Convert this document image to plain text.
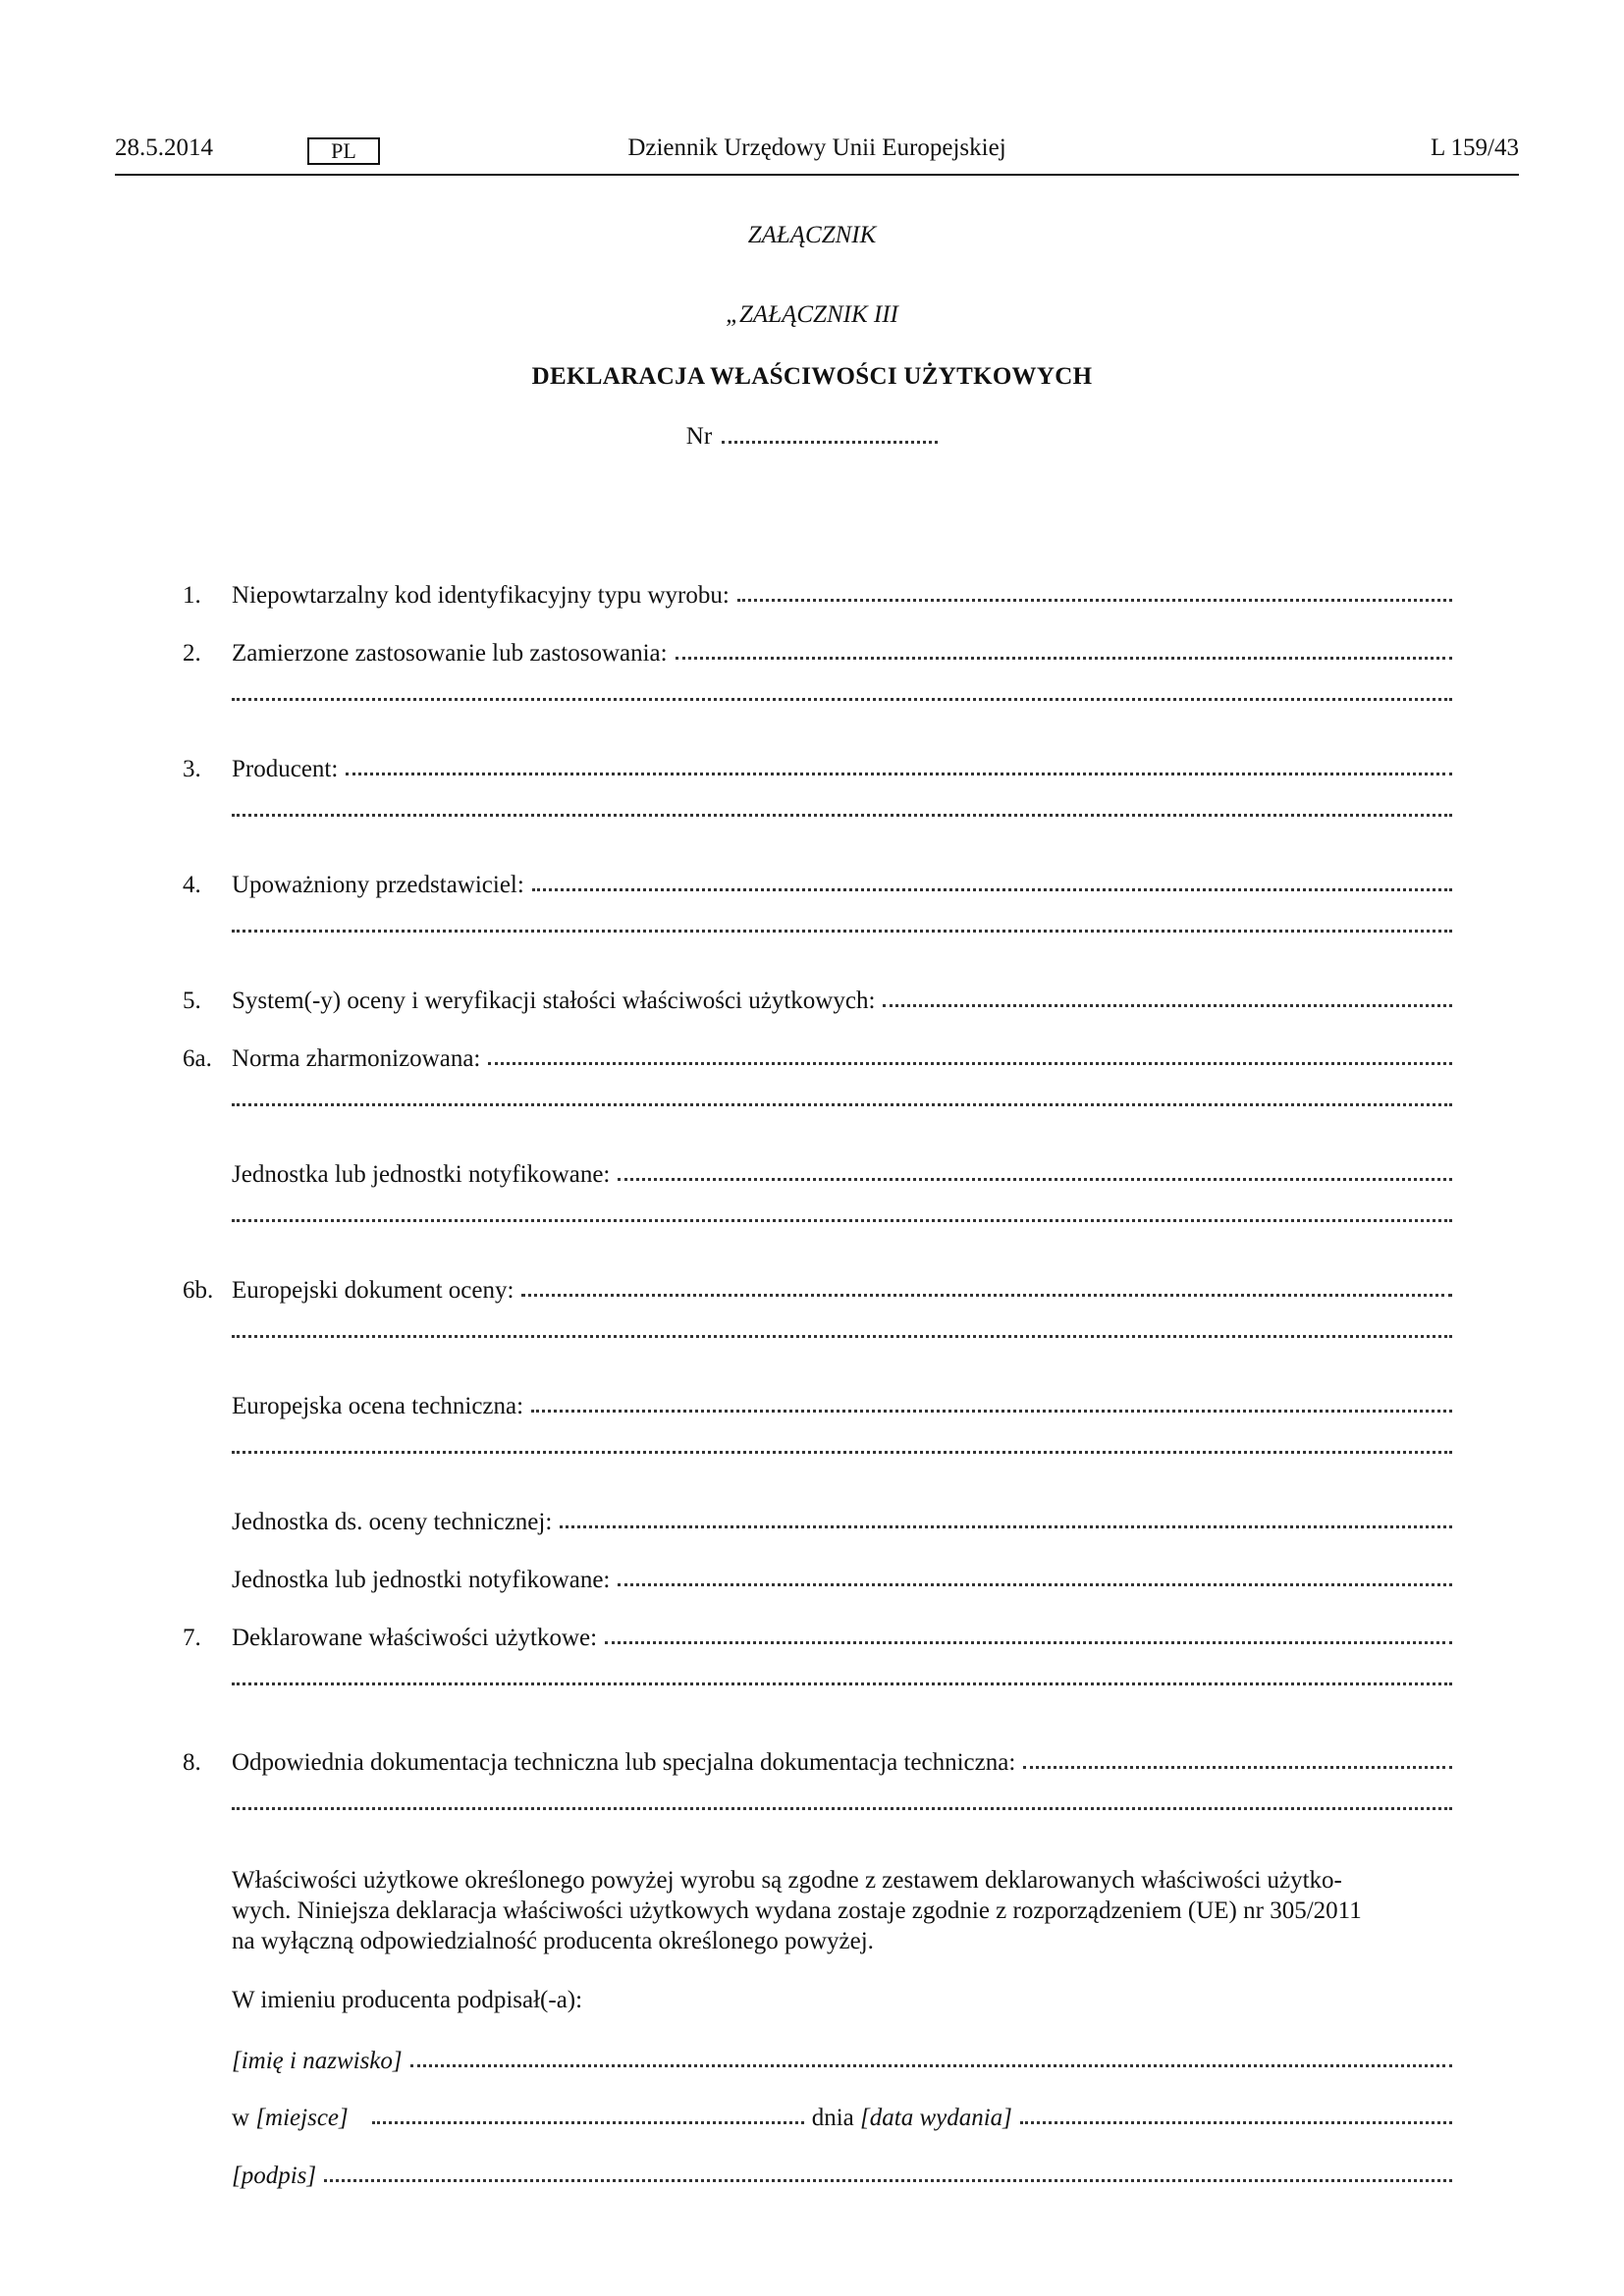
28.5.2014	PL	Dziennik Urzędowy Unii Europejskiej	L 159/43
ZAŁĄCZNIK
„ZAŁĄCZNIK III
DEKLARACJA WŁAŚCIWOŚCI UŻYTKOWYCH
Nr
1. Niepowtarzalny kod identyfikacyjny typu wyrobu:
2. Zamierzone zastosowanie lub zastosowania:
3. Producent:
4. Upoważniony przedstawiciel:
5. System(-y) oceny i weryfikacji stałości właściwości użytkowych:
6a. Norma zharmonizowana:
Jednostka lub jednostki notyfikowane:
6b. Europejski dokument oceny:
Europejska ocena techniczna:
Jednostka ds. oceny technicznej:
Jednostka lub jednostki notyfikowane:
7. Deklarowane właściwości użytkowe:
8. Odpowiednia dokumentacja techniczna lub specjalna dokumentacja techniczna:
Właściwości użytkowe określonego powyżej wyrobu są zgodne z zestawem deklarowanych właściwości użytko-
wych. Niniejsza deklaracja właściwości użytkowych wydana zostaje zgodnie z rozporządzeniem (UE) nr 305/2011
na wyłączną odpowiedzialność producenta określonego powyżej.
W imieniu producenta podpisał(-a):
[imię i nazwisko]
w [miejsce]	dnia [data wydania]
[podpis]
